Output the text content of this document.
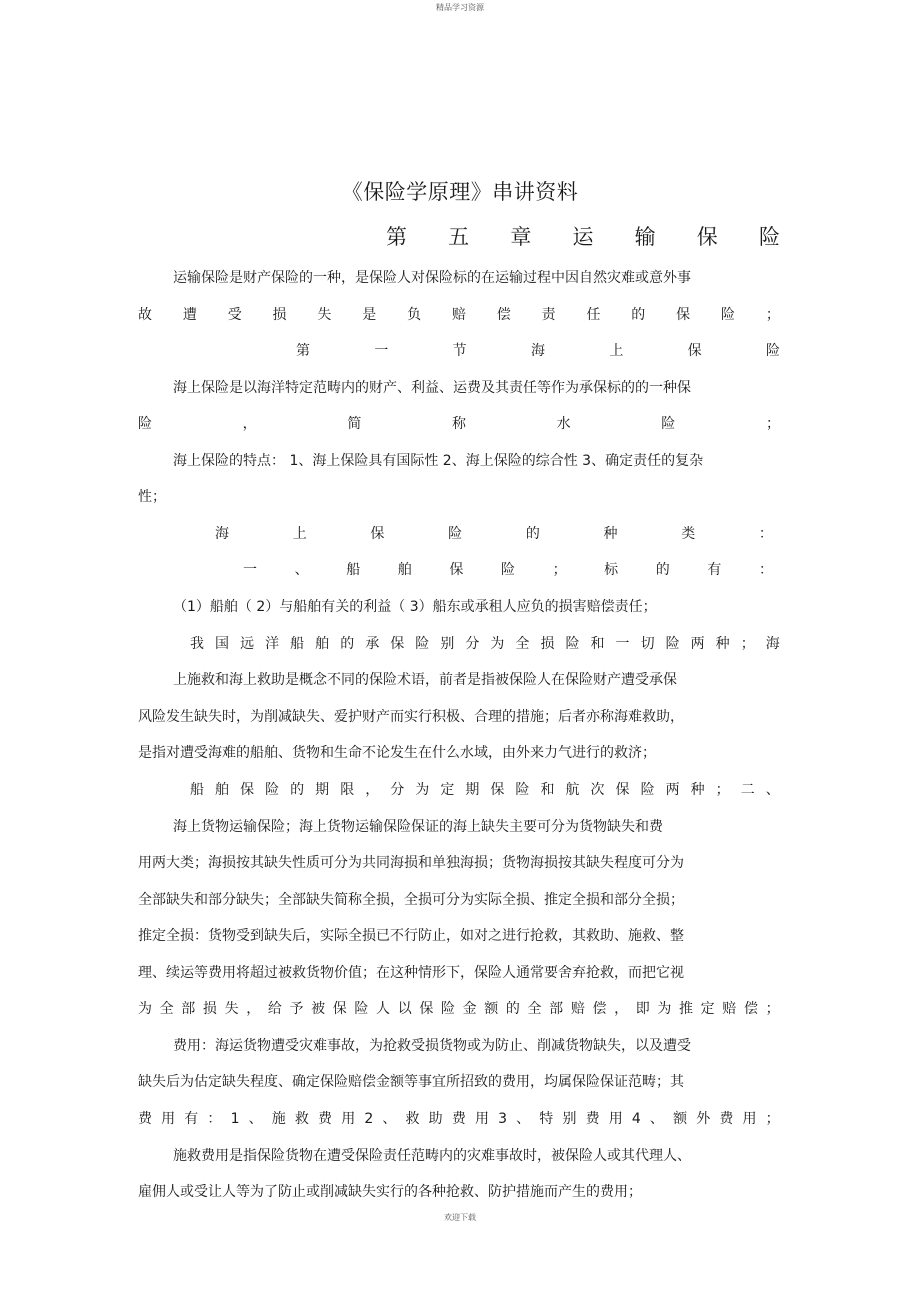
精品学习资源
《保险学原理》串讲资料
第 五 章 运 输 保 险
运输保险是财产保险的一种，是保险人对保险标的在运输过程中因自然灾难或意外事
故 遭 受 损 失 是 负 赔 偿 责 任 的 保 险 ；
第	一	节	海	上	保	险
海上保险是以海洋特定范畴内的财产、利益、运费及其责任等作为承保标的的一种保
险	，	简	称	水	险	；
海上保险的特点： 1、海上保险具有国际性 2、海上保险的综合性 3、确定责任的复杂
性；
海	上	保	险	的	种	类	：
一	、	船	舶	保	险	；	标	的	有	：
（1）船舶（ 2）与船舶有关的利益（ 3）船东或承租人应负的损害赔偿责任；
我 国 远 洋 船 舶 的 承 保 险 别 分 为 全 损 险 和 一 切 险 两 种 ； 海
上施救和海上救助是概念不同的保险术语，前者是指被保险人在保险财产遭受承保
风险发生缺失时，为削减缺失、爱护财产而实行积极、合理的措施；后者亦称海难救助，
是指对遭受海难的船舶、货物和生命不论发生在什么水域，由外来力气进行的救济；
船 舶 保 险 的 期 限 ， 分 为 定 期 保 险 和 航 次 保 险 两 种 ； 二 、
海上货物运输保险；海上货物运输保险保证的海上缺失主要可分为货物缺失和费
用两大类；海损按其缺失性质可分为共同海损和单独海损；货物海损按其缺失程度可分为
全部缺失和部分缺失；全部缺失简称全损，全损可分为实际全损、推定全损和部分全损；
推定全损：货物受到缺失后，实际全损已不行防止，如对之进行抢救，其救助、施救、整
理、续运等费用将超过被救货物价值；在这种情形下，保险人通常要舍弃抢救，而把它视
为 全 部 损 失 ， 给 予 被 保 险 人 以 保 险 金 额 的 全 部 赔 偿 ， 即 为 推 定 赔 偿 ；
费用：海运货物遭受灾难事故，为抢救受损货物或为防止、削减货物缺失，以及遭受
缺失后为估定缺失程度、确定保险赔偿金额等事宜所招致的费用，均属保险保证范畴；其
费 用 有 ： 1 、 施 救 费 用 2 、 救 助 费 用 3 、 特 别 费 用 4 、 额 外 费 用 ；
施救费用是指保险货物在遭受保险责任范畴内的灾难事故时，被保险人或其代理人、
雇佣人或受让人等为了防止或削减缺失实行的各种抢救、防护措施而产生的费用；
欢迎下载
